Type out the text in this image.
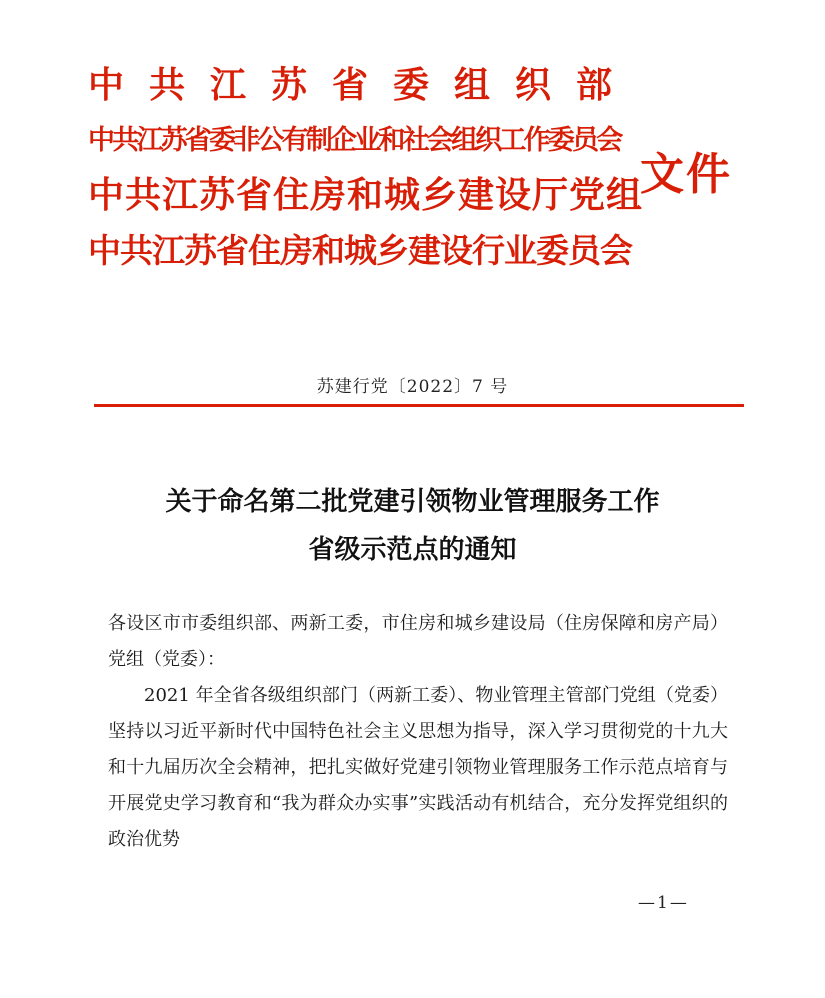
中共江苏省委组织部
中共江苏省委非公有制企业和社会组织工作委员会
中共江苏省住房和城乡建设厅党组
中共江苏省住房和城乡建设行业委员会
文件
苏建行党〔2022〕7 号
关于命名第二批党建引领物业管理服务工作
省级示范点的通知

各设区市市委组织部、两新工委，市住房和城乡建设局（住房保障和房产局）党组（党委）：

2021 年全省各级组织部门（两新工委）、物业管理主管部门党组（党委）坚持以习近平新时代中国特色社会主义思想为指导，深入学习贯彻党的十九大和十九届历次全会精神，把扎实做好党建引领物业管理服务工作示范点培育与开展党史学习教育和“我为群众办实事”实践活动有机结合，充分发挥党组织的政治优势

—1—
